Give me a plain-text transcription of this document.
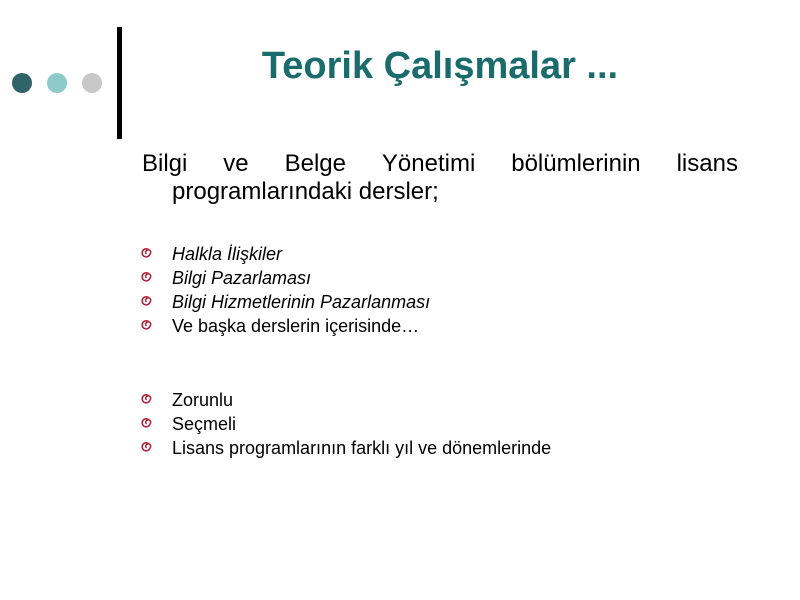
Teorik Çalışmalar ...
Bilgi ve Belge Yönetimi bölümlerinin lisans
programlarındaki dersler;
Halkla İlişkiler
Bilgi Pazarlaması
Bilgi Hizmetlerinin Pazarlanması
Ve başka derslerin içerisinde…
Zorunlu
Seçmeli
Lisans programlarının farklı yıl ve dönemlerinde
